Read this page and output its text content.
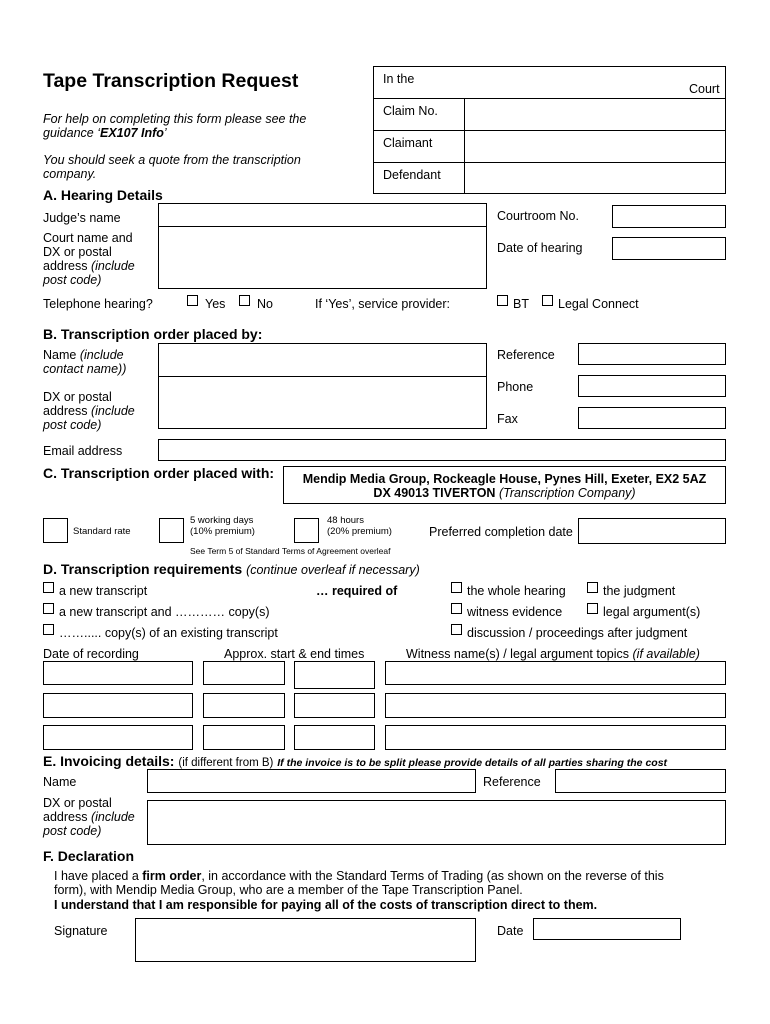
Tape Transcription Request
For help on completing this form please see the guidance ‘EX107 Info’
You should seek a quote from the transcription company.
In the
Court
Claim No.
Claimant
Defendant
A. Hearing Details
Judge’s name
Court name and DX or postal address (include post code)
Courtroom No.
Date of hearing
Telephone hearing?	Yes	No	If ‘Yes’, service provider:	BT Legal Connect
B. Transcription order placed by:
Name (include contact name))
DX or postal address (include post code)
Reference
Phone
Fax
Email address
C. Transcription order placed with:	Mendip Media Group, Rockeagle House, Pynes Hill, Exeter, EX2 5AZ
DX 49013 TIVERTON (Transcription Company)
Standard rate
5 working days
(10% premium)
48 hours
(20% premium)	Preferred completion date
See Term 5 of Standard Terms of Agreement overleaf
D. Transcription requirements (continue overleaf if necessary)
a new transcript
a new transcript and ………… copy(s)
……..... copy(s) of an existing transcript
… required of	the whole hearing	the judgment
witness evidence	legal argument(s)
discussion / proceedings after judgment
Date of recording	Approx. start & end times	Witness name(s) / legal argument topics (if available)
E. Invoicing details: (if different from B) If the invoice is to be split please provide details of all parties sharing the cost
Name	Reference
DX or postal address (include post code)
F. Declaration
I have placed a firm order, in accordance with the Standard Terms of Trading (as shown on the reverse of this form), with Mendip Media Group, who are a member of the Tape Transcription Panel.
I understand that I am responsible for paying all of the costs of transcription direct to them.
Signature	Date
